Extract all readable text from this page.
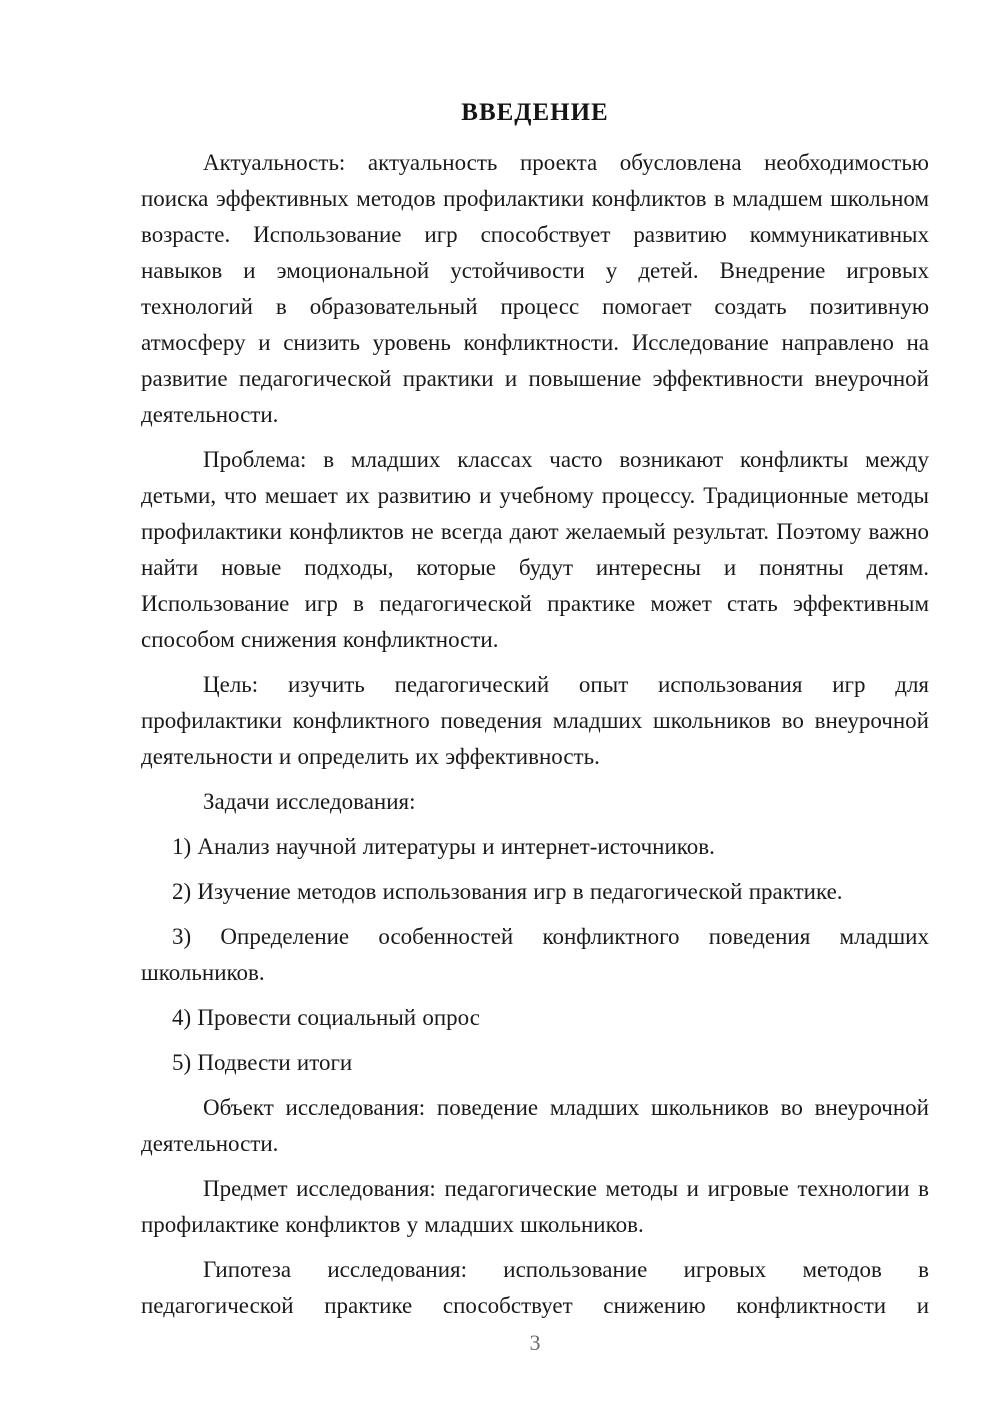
ВВЕДЕНИЕ

Актуальность: актуальность проекта обусловлена необходимостью поиска эффективных методов профилактики конфликтов в младшем школьном возрасте. Использование игр способствует развитию коммуникативных навыков и эмоциональной устойчивости у детей. Внедрение игровых технологий в образовательный процесс помогает создать позитивную атмосферу и снизить уровень конфликтности. Исследование направлено на развитие педагогической практики и повышение эффективности внеурочной деятельности.

Проблема: в младших классах часто возникают конфликты между детьми, что мешает их развитию и учебному процессу. Традиционные методы профилактики конфликтов не всегда дают желаемый результат. Поэтому важно найти новые подходы, которые будут интересны и понятны детям. Использование игр в педагогической практике может стать эффективным способом снижения конфликтности.

Цель: изучить педагогический опыт использования игр для профилактики конфликтного поведения младших школьников во внеурочной деятельности и определить их эффективность.

Задачи исследования:

1) Анализ научной литературы и интернет-источников.

2) Изучение методов использования игр в педагогической практике.

3) Определение особенностей конфликтного поведения младших школьников.

4) Провести социальный опрос

5) Подвести итоги

Объект исследования: поведение младших школьников во внеурочной деятельности.

Предмет исследования: педагогические методы и игровые технологии в профилактике конфликтов у младших школьников.

Гипотеза исследования: использование игровых методов в педагогической практике способствует снижению конфликтности и

3
